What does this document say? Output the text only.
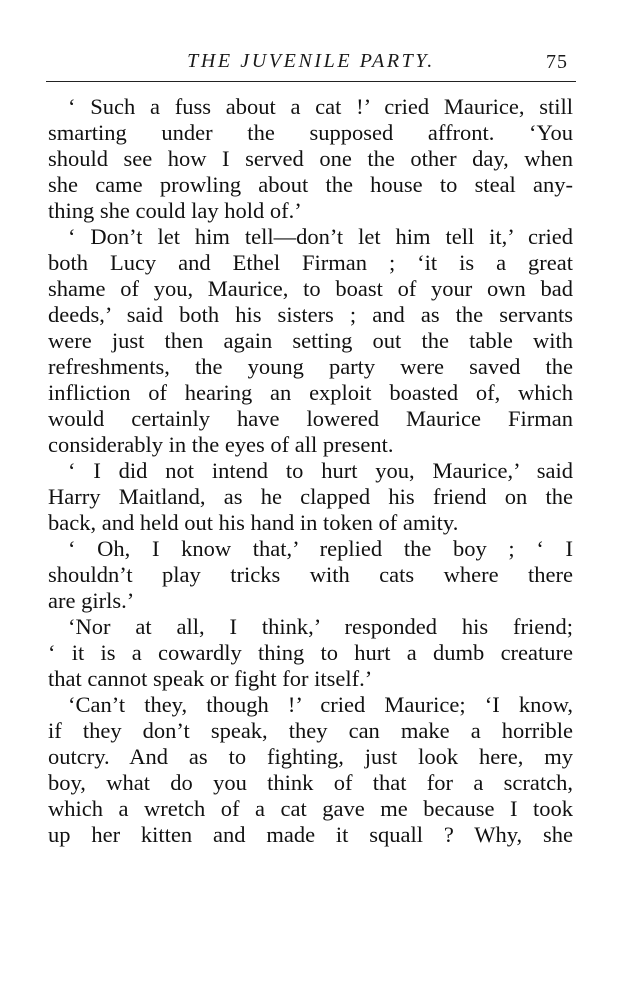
THE JUVENILE PARTY.	75
‘ Such a fuss about a cat !’ cried Maurice, still
smarting under the supposed affront. ‘You
should see how I served one the other day, when
she came prowling about the house to steal any-
thing she could lay hold of.’
‘ Don’t let him tell—don’t let him tell it,’ cried
both Lucy and Ethel Firman ; ‘it is a great
shame of you, Maurice, to boast of your own bad
deeds,’ said both his sisters ; and as the servants
were just then again setting out the table with
refreshments, the young party were saved the
infliction of hearing an exploit boasted of, which
would certainly have lowered Maurice Firman
considerably in the eyes of all present.
‘ I did not intend to hurt you, Maurice,’ said
Harry Maitland, as he clapped his friend on the
back, and held out his hand in token of amity.
‘ Oh, I know that,’ replied the boy ; ‘ I
shouldn’t play tricks with cats where there
are girls.’
‘Nor at all, I think,’ responded his friend;
‘ it is a cowardly thing to hurt a dumb creature
that cannot speak or fight for itself.’
‘Can’t they, though !’ cried Maurice; ‘I know,
if they don’t speak, they can make a horrible
outcry. And as to fighting, just look here, my
boy, what do you think of that for a scratch,
which a wretch of a cat gave me because I took
up her kitten and made it squall ? Why, she
